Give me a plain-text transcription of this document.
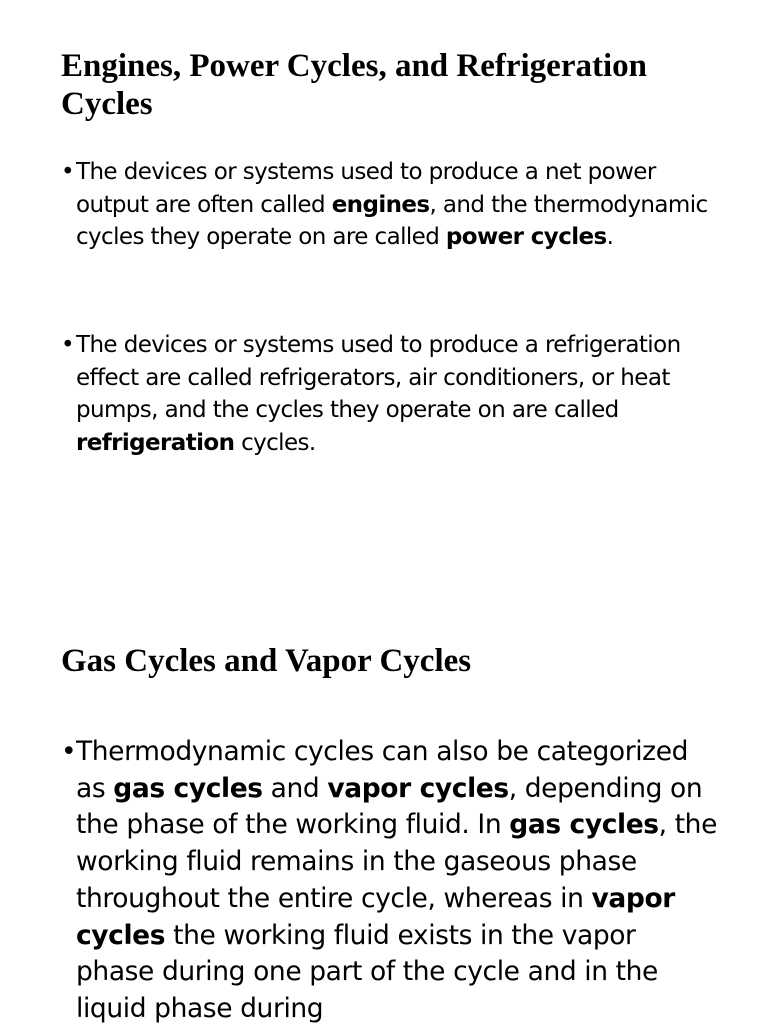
Engines, Power Cycles, and Refrigeration Cycles

• The devices or systems used to produce a net power output are often called engines, and the thermodynamic cycles they operate on are called power cycles.

• The devices or systems used to produce a refrigeration effect are called refrigerators, air conditioners, or heat pumps, and the cycles they operate on are called refrigeration cycles.

Gas Cycles and Vapor Cycles

• Thermodynamic cycles can also be categorized as gas cycles and vapor cycles, depending on the phase of the working fluid. In gas cycles, the working fluid remains in the gaseous phase throughout the entire cycle, whereas in vapor cycles the working fluid exists in the vapor phase during one part of the cycle and in the liquid phase during
